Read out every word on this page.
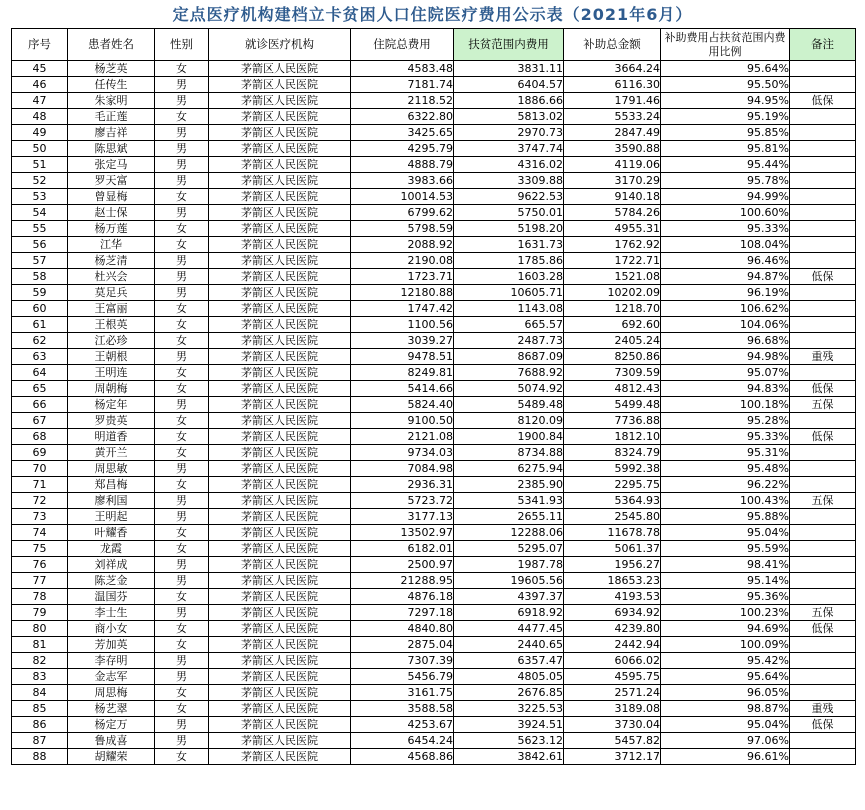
定点医疗机构建档立卡贫困人口住院医疗费用公示表（2021年6月）
序号	患者姓名	性别	就诊医疗机构	住院总费用	扶贫范围内费用	补助总金额	补助费用占扶贫范围内费用比例	备注
45	杨芝英	女	茅箭区人民医院	4583.48	3831.11	3664.24	95.64%	
46	任传生	男	茅箭区人民医院	7181.74	6404.57	6116.30	95.50%	
47	朱家明	男	茅箭区人民医院	2118.52	1886.66	1791.46	94.95%	低保
48	毛正莲	女	茅箭区人民医院	6322.80	5813.02	5533.24	95.19%	
49	廖吉祥	男	茅箭区人民医院	3425.65	2970.73	2847.49	95.85%	
50	陈思斌	男	茅箭区人民医院	4295.79	3747.74	3590.88	95.81%	
51	张定马	男	茅箭区人民医院	4888.79	4316.02	4119.06	95.44%	
52	罗天富	男	茅箭区人民医院	3983.66	3309.88	3170.29	95.78%	
53	曾显梅	女	茅箭区人民医院	10014.53	9622.53	9140.18	94.99%	
54	赵士保	男	茅箭区人民医院	6799.62	5750.01	5784.26	100.60%	
55	杨万莲	女	茅箭区人民医院	5798.59	5198.20	4955.31	95.33%	
56	江华	女	茅箭区人民医院	2088.92	1631.73	1762.92	108.04%	
57	杨芝清	男	茅箭区人民医院	2190.08	1785.86	1722.71	96.46%	
58	杜兴会	男	茅箭区人民医院	1723.71	1603.28	1521.08	94.87%	低保
59	莫足兵	男	茅箭区人民医院	12180.88	10605.71	10202.09	96.19%	
60	王富丽	女	茅箭区人民医院	1747.42	1143.08	1218.70	106.62%	
61	王根英	女	茅箭区人民医院	1100.56	665.57	692.60	104.06%	
62	江必珍	女	茅箭区人民医院	3039.27	2487.73	2405.24	96.68%	
63	王朝根	男	茅箭区人民医院	9478.51	8687.09	8250.86	94.98%	重残
64	王明连	女	茅箭区人民医院	8249.81	7688.92	7309.59	95.07%	
65	周朝梅	女	茅箭区人民医院	5414.66	5074.92	4812.43	94.83%	低保
66	杨定年	男	茅箭区人民医院	5824.40	5489.48	5499.48	100.18%	五保
67	罗贵英	女	茅箭区人民医院	9100.50	8120.09	7736.88	95.28%	
68	明道香	女	茅箭区人民医院	2121.08	1900.84	1812.10	95.33%	低保
69	黄开兰	女	茅箭区人民医院	9734.03	8734.88	8324.79	95.31%	
70	周思敏	男	茅箭区人民医院	7084.98	6275.94	5992.38	95.48%	
71	郑昌梅	女	茅箭区人民医院	2936.31	2385.90	2295.75	96.22%	
72	廖利国	男	茅箭区人民医院	5723.72	5341.93	5364.93	100.43%	五保
73	王明起	男	茅箭区人民医院	3177.13	2655.11	2545.80	95.88%	
74	叶耀香	女	茅箭区人民医院	13502.97	12288.06	11678.78	95.04%	
75	龙霞	女	茅箭区人民医院	6182.01	5295.07	5061.37	95.59%	
76	刘祥成	男	茅箭区人民医院	2500.97	1987.78	1956.27	98.41%	
77	陈芝金	男	茅箭区人民医院	21288.95	19605.56	18653.23	95.14%	
78	温国芬	女	茅箭区人民医院	4876.18	4397.37	4193.53	95.36%	
79	李士生	男	茅箭区人民医院	7297.18	6918.92	6934.92	100.23%	五保
80	商小女	女	茅箭区人民医院	4840.80	4477.45	4239.80	94.69%	低保
81	芳加英	女	茅箭区人民医院	2875.04	2440.65	2442.94	100.09%	
82	李存明	男	茅箭区人民医院	7307.39	6357.47	6066.02	95.42%	
83	金志军	男	茅箭区人民医院	5456.79	4805.05	4595.75	95.64%	
84	周思梅	女	茅箭区人民医院	3161.75	2676.85	2571.24	96.05%	
85	杨艺翠	女	茅箭区人民医院	3588.58	3225.53	3189.08	98.87%	重残
86	杨定万	男	茅箭区人民医院	4253.67	3924.51	3730.04	95.04%	低保
87	鲁成喜	男	茅箭区人民医院	6454.24	5623.12	5457.82	97.06%	
88	胡耀荣	女	茅箭区人民医院	4568.86	3842.61	3712.17	96.61%	
